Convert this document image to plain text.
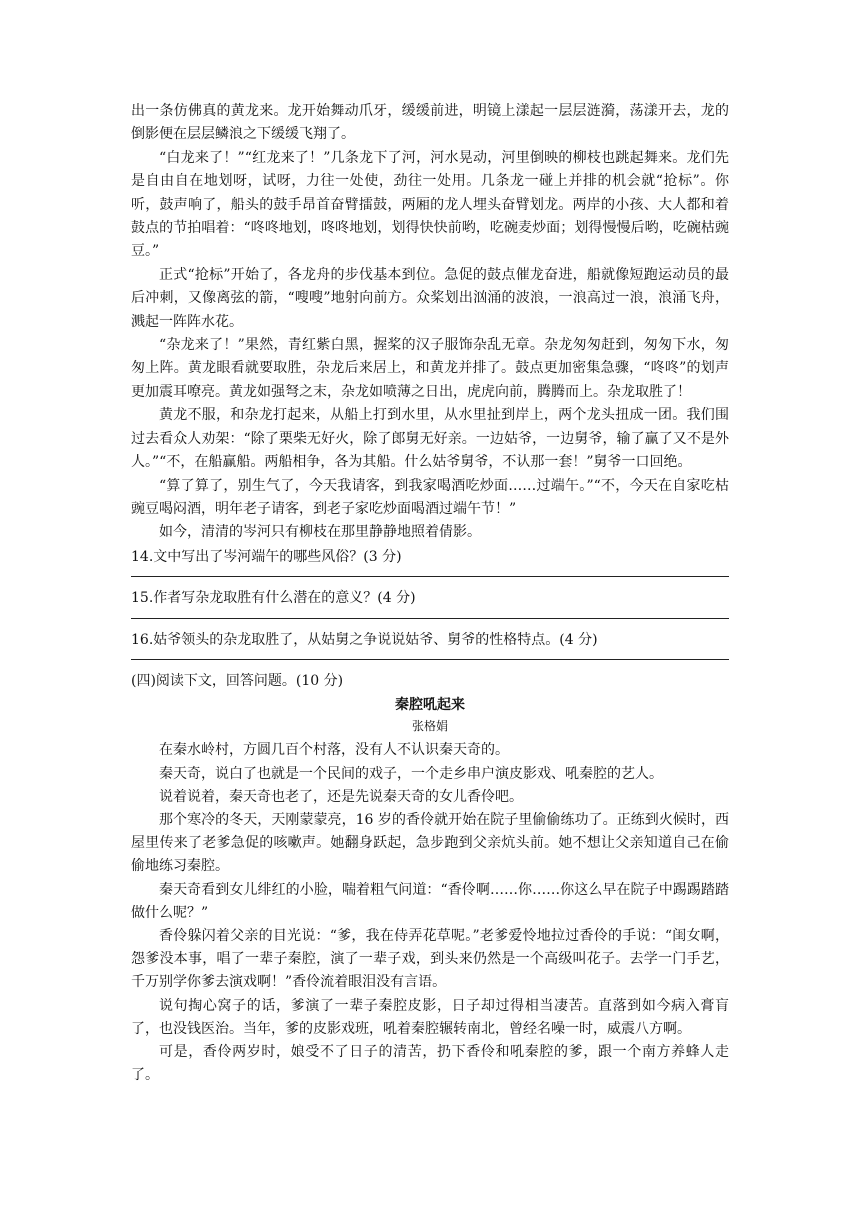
出一条仿佛真的黄龙来。龙开始舞动爪牙，缓缓前进，明镜上漾起一层层涟漪，荡漾开去，龙的倒影便在层层鳞浪之下缓缓飞翔了。

“白龙来了！”“红龙来了！”几条龙下了河，河水晃动，河里倒映的柳枝也跳起舞来。龙们先是自由自在地划呀，试呀，力往一处使，劲往一处用。几条龙一碰上并排的机会就“抢标”。你听，鼓声响了，船头的鼓手昂首奋臂擂鼓，两厢的龙人埋头奋臂划龙。两岸的小孩、大人都和着鼓点的节拍唱着：“咚咚地划，咚咚地划，划得快快前哟，吃碗麦炒面；划得慢慢后哟，吃碗枯豌豆。”

正式“抢标”开始了，各龙舟的步伐基本到位。急促的鼓点催龙奋进，船就像短跑运动员的最后冲刺，又像离弦的箭，“嗖嗖”地射向前方。众桨划出汹涌的波浪，一浪高过一浪，浪涌飞舟，溅起一阵阵水花。

“杂龙来了！”果然，青红紫白黑，握桨的汉子服饰杂乱无章。杂龙匆匆赶到，匆匆下水，匆匆上阵。黄龙眼看就要取胜，杂龙后来居上，和黄龙并排了。鼓点更加密集急骤，“咚咚”的划声更加震耳嘹亮。黄龙如强弩之末，杂龙如喷薄之日出，虎虎向前，腾腾而上。杂龙取胜了！

黄龙不服，和杂龙打起来，从船上打到水里，从水里扯到岸上，两个龙头扭成一团。我们围过去看众人劝架：“除了栗柴无好火，除了郎舅无好亲。一边姑爷，一边舅爷，输了赢了又不是外人。”“不，在船赢船。两船相争，各为其船。什么姑爷舅爷，不认那一套！”舅爷一口回绝。

“算了算了，别生气了，今天我请客，到我家喝酒吃炒面……过端午。”“不，今天在自家吃枯豌豆喝闷酒，明年老子请客，到老子家吃炒面喝酒过端午节！”

如今，清清的岑河只有柳枝在那里静静地照着倩影。

14.文中写出了岑河端午的哪些风俗？(3 分)

15.作者写杂龙取胜有什么潜在的意义？(4 分)

16.姑爷领头的杂龙取胜了，从姑舅之争说说姑爷、舅爷的性格特点。(4 分)

(四)阅读下文，回答问题。(10 分)

秦腔吼起来

张格娟

在秦水岭村，方圆几百个村落，没有人不认识秦天奇的。

秦天奇，说白了也就是一个民间的戏子，一个走乡串户演皮影戏、吼秦腔的艺人。

说着说着，秦天奇也老了，还是先说秦天奇的女儿香伶吧。

那个寒冷的冬天，天刚蒙蒙亮，16 岁的香伶就开始在院子里偷偷练功了。正练到火候时，西屋里传来了老爹急促的咳嗽声。她翻身跃起，急步跑到父亲炕头前。她不想让父亲知道自己在偷偷地练习秦腔。

秦天奇看到女儿绯红的小脸，喘着粗气问道：“香伶啊……你……你这么早在院子中踢踢踏踏做什么呢？”

香伶躲闪着父亲的目光说：“爹，我在侍弄花草呢。”老爹爱怜地拉过香伶的手说：“闺女啊，怨爹没本事，唱了一辈子秦腔，演了一辈子戏，到头来仍然是一个高级叫花子。去学一门手艺，千万别学你爹去演戏啊！”香伶流着眼泪没有言语。

说句掏心窝子的话，爹演了一辈子秦腔皮影，日子却过得相当凄苦。直落到如今病入膏肓了，也没钱医治。当年，爹的皮影戏班，吼着秦腔辗转南北，曾经名噪一时，威震八方啊。

可是，香伶两岁时，娘受不了日子的清苦，扔下香伶和吼秦腔的爹，跟一个南方养蜂人走了。
